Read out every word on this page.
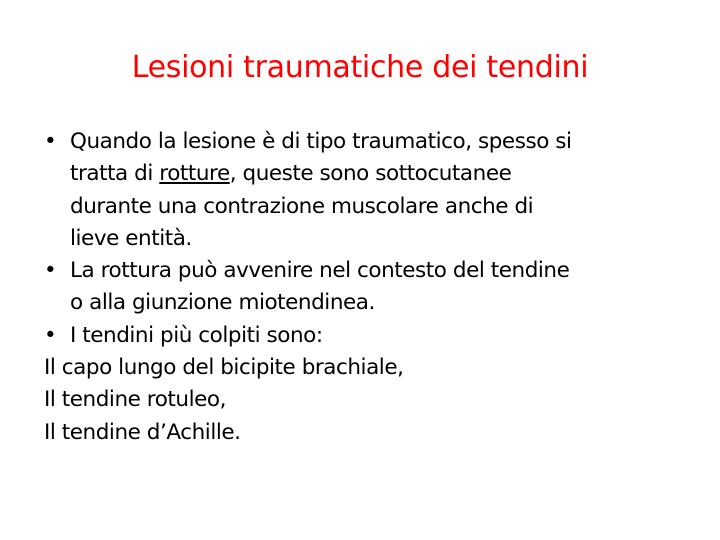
Lesioni traumatiche dei tendini
• Quando la lesione è di tipo traumatico, spesso si
tratta di rotture, queste sono sottocutanee
durante una contrazione muscolare anche di
lieve entità.
• La rottura può avvenire nel contesto del tendine
o alla giunzione miotendinea.
• I tendini più colpiti sono:
Il capo lungo del bicipite brachiale,
Il tendine rotuleo,
Il tendine d’Achille.
